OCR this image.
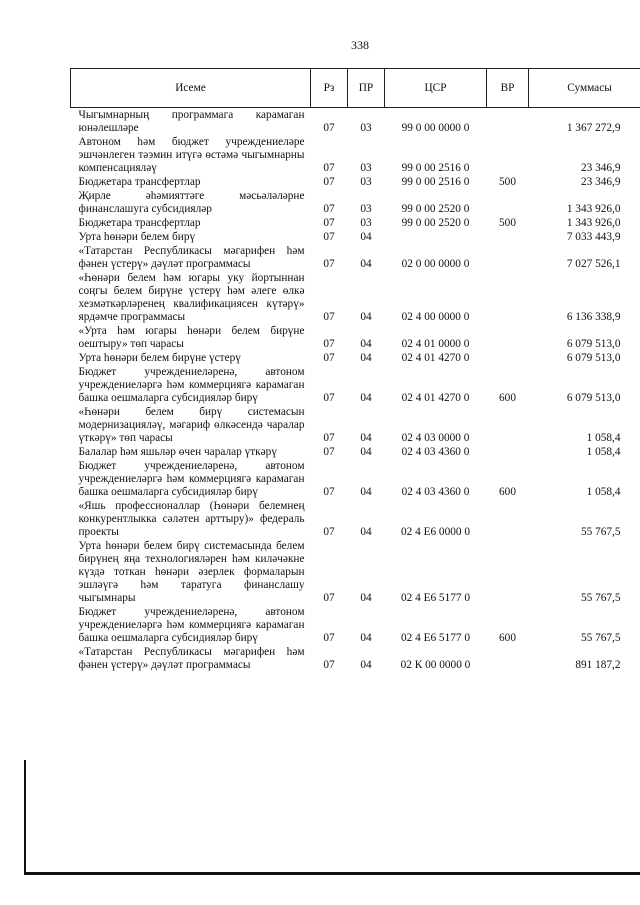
338
Исеме	Рз	ПР	ЦСР	ВР	Суммасы
Чыгымнарның программага карамаган юнәлешләре	07	03	99 0 00 0000 0		1 367 272,9
Автоном һәм бюджет учреждениеләре эшчәнлеген тәэмин итүгә өстәмә чыгымнарны компенсацияләү	07	03	99 0 00 2516 0		23 346,9
Бюджетара трансфертлар	07	03	99 0 00 2516 0	500	23 346,9
Җирле әһәмияттәге мәсьәләләрне финанслашуга субсидияләр	07	03	99 0 00 2520 0		1 343 926,0
Бюджетара трансфертлар	07	03	99 0 00 2520 0	500	1 343 926,0
Урта һөнәри белем бирү	07	04			7 033 443,9
«Татарстан Республикасы мәгарифен һәм фәнен үстерү» дәүләт программасы	07	04	02 0 00 0000 0		7 027 526,1
«Һөнәри белем һәм югары уку йортыннан соңгы белем бирүне үстерү һәм әлеге өлкә хезмәткәрләренең квалификациясен күтәрү» ярдәмче программасы	07	04	02 4 00 0000 0		6 136 338,9
«Урта һәм югары һөнәри белем бирүне оештыру» төп чарасы	07	04	02 4 01 0000 0		6 079 513,0
Урта һөнәри белем бирүне үстерү	07	04	02 4 01 4270 0		6 079 513,0
Бюджет учреждениеләренә, автоном учреждениеләргә һәм коммерциягә карамаган башка оешмаларга субсидияләр бирү	07	04	02 4 01 4270 0	600	6 079 513,0
«Һөнәри белем бирү системасын модернизацияләү, мәгариф өлкәсендә чаралар үткәрү» төп чарасы	07	04	02 4 03 0000 0		1 058,4
Балалар һәм яшьләр өчен чаралар үткәрү	07	04	02 4 03 4360 0		1 058,4
Бюджет учреждениеләренә, автоном учреждениеләргә һәм коммерциягә карамаган башка оешмаларга субсидияләр бирү	07	04	02 4 03 4360 0	600	1 058,4
«Яшь профессионаллар (Һөнәри белемнең конкурентлыкка сәләтен арттыру)» федераль проекты	07	04	02 4 Е6 0000 0		55 767,5
Урта һөнәри белем бирү системасында белем бирүнең яңа технологияләрен һәм киләчәкне күздә тоткан һөнәри әзерлек формаларын эшләүгә һәм таратуга финанслашу чыгымнары	07	04	02 4 Е6 5177 0		55 767,5
Бюджет учреждениеләренә, автоном учреждениеләргә һәм коммерциягә карамаган башка оешмаларга субсидияләр бирү	07	04	02 4 Е6 5177 0	600	55 767,5
«Татарстан Республикасы мәгарифен һәм фәнен үстерү» дәүләт программасы	07	04	02 К 00 0000 0		891 187,2
